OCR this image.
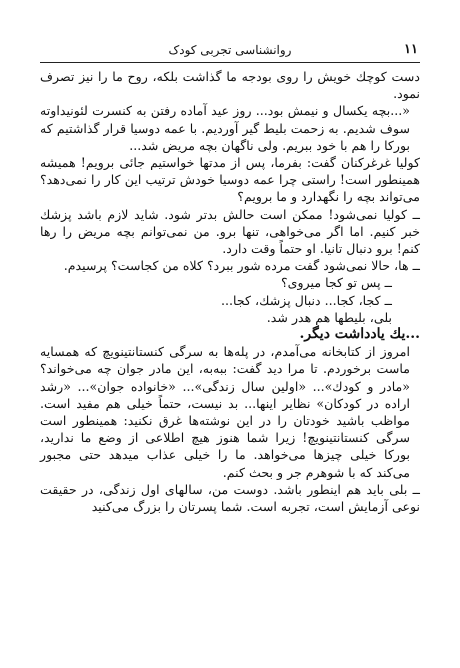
۱۱
روانشناسی تجربی کودک

دست کوچك خويش را روی بودجه ما گذاشت بلکه، روح ما را نیز تصرف نمود.

«...بچه یکسال و نیمش بود... روز عید آماده رفتن به کنسرت لئونیداوته سوف شدیم. به زحمت بلیط گیر آوردیم. با عمه دوسیا قرار گذاشتیم که بورکا را هم با خود ببریم. ولی ناگهان بچه مریض شد...

کولیا غرغرکنان گفت: بفرما، پس از مدتها خواستیم جائی برویم! همیشه همینطور است! راستی چرا عمه دوسیا خودش ترتیب این کار را نمی‌دهد؟ می‌تواند بچه را نگهدارد و ما برویم؟

ــ کولیا نمی‌شود! ممکن است حالش بدتر شود. شاید لازم باشد پزشك خبر کنیم. اما اگر می‌خواهی، تنها برو. من نمی‌توانم بچه مریض را رها کنم! برو دنبال تانیا. او حتماً وقت دارد.

ــ ها، حالا نمی‌شود گفت مرده شور ببرد؟ کلاه من کجاست؟ پرسیدم.

ــ پس تو کجا میروی؟

ــ کجا، کجا... دنبال پزشك، کجا...

بلی، بلیطها هم هدر شد.

...یك یادداشت دیگر.

امروز از کتابخانه می‌آمدم، در پله‌ها به سرگی کنستانتینویچ که همسایه ماست برخوردم. تا مرا دید گفت: ببه‌به، این مادر جوان چه می‌خواند؟ «مادر و کودك»... «اولین سال زندگی»... «خانواده جوان»... «رشد اراده در کودکان» نظایر اینها... بد نیست، حتماً خیلی هم مفید است. مواظب باشید خودتان را در این نوشته‌ها غرق نکنید: همینطور است سرگی کنستانتینویچ! زیرا شما هنوز هیچ اطلاعی از وضع ما ندارید، بورکا خیلی چیزها می‌خواهد. ما را خیلی عذاب میدهد حتی مجبور می‌کند که با شوهرم جر و بحث کنم.

ــ بلی باید هم اینطور باشد. دوست من، سالهای اول زندگی، در حقیقت نوعی آزمایش است، تجربه است. شما پسرتان را بزرگ می‌کنید
